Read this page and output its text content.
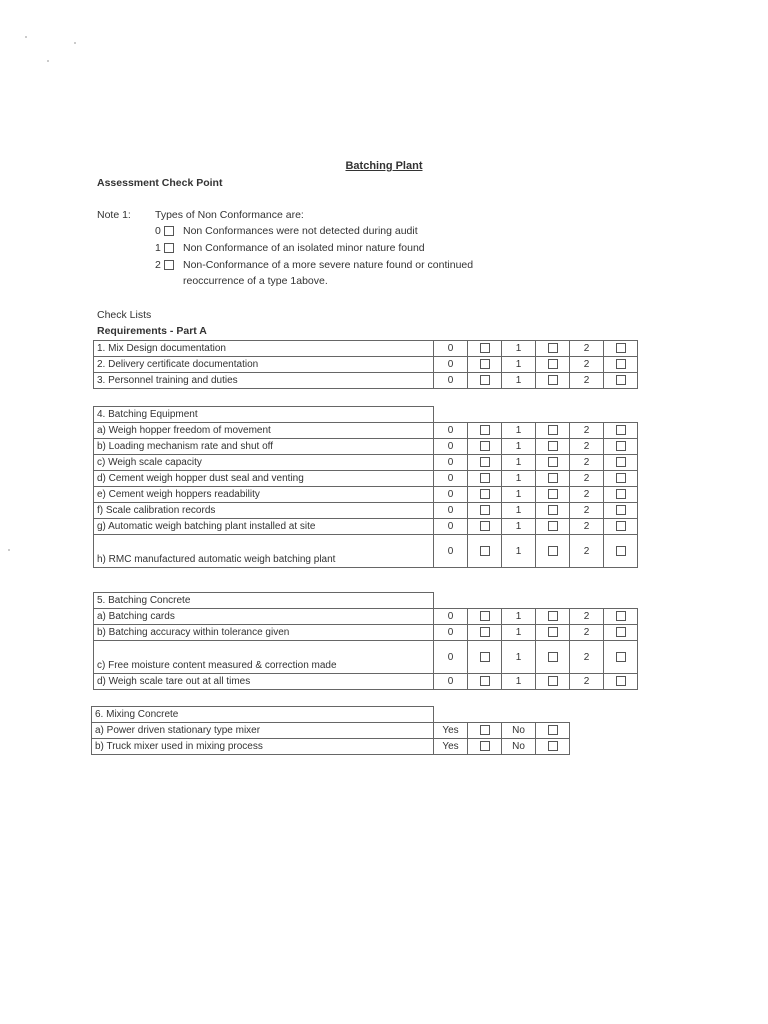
Batching Plant
Assessment Check Point
Note 1: Types of Non Conformance are:
0	Non Conformances were not detected during audit
1	Non Conformance of an isolated minor nature found
2	Non-Conformance of a more severe nature found or continued
reoccurrence of a type 1above.
Check Lists
Requirements - Part A
1. Mix Design documentation	0		1		2	
2. Delivery certificate documentation	0		1		2	
3. Personnel training and duties	0		1		2	
4. Batching Equipment						
a) Weigh hopper freedom of movement	0		1		2	
b) Loading mechanism rate and shut off	0		1		2	
c) Weigh scale capacity	0		1		2	
d) Cement weigh hopper dust seal and venting	0		1		2	
e) Cement weigh hoppers readability	0		1		2	
f) Scale calibration records	0		1		2	
g) Automatic weigh batching plant installed at site	0		1		2	
h) RMC manufactured automatic weigh batching plant	0		1		2	
5. Batching Concrete						
a) Batching cards	0		1		2	
b) Batching accuracy within tolerance given	0		1		2	
c) Free moisture content measured & correction made	0		1		2	
d) Weigh scale tare out at all times	0		1		2	
6. Mixing Concrete				
a) Power driven stationary type mixer	Yes		No	
b) Truck mixer used in mixing process	Yes		No	
